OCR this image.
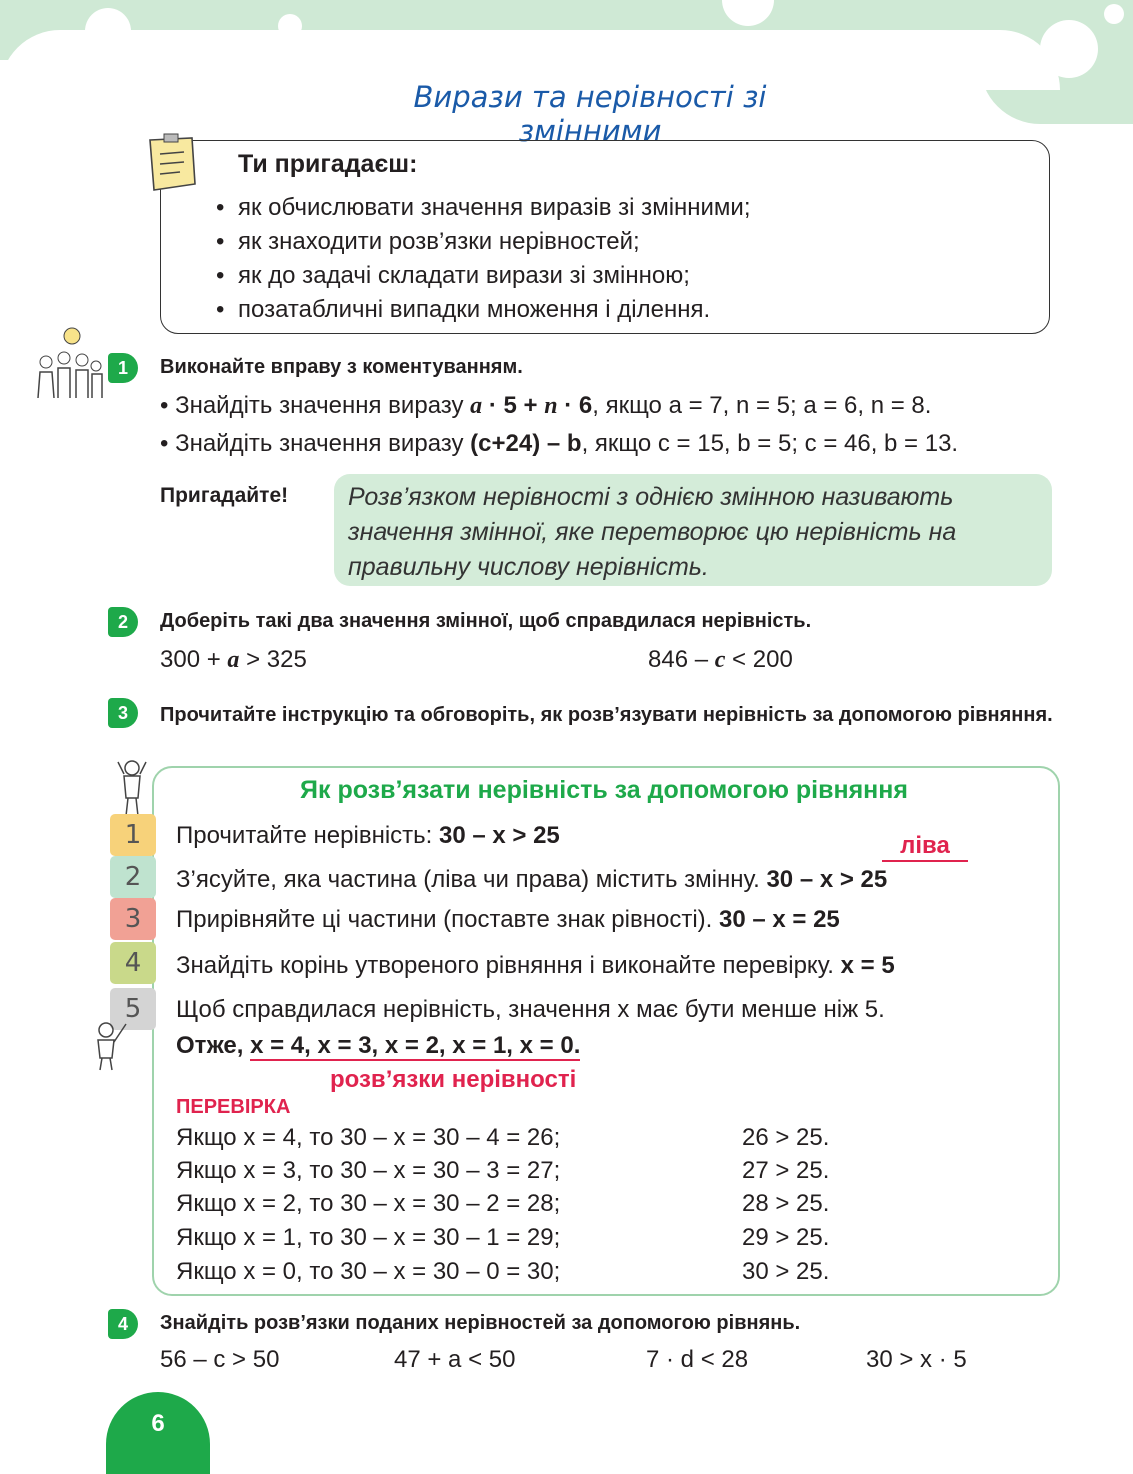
Вирази та нерівності зі змінними
Ти пригадаєш:
• як обчислювати значення виразів зі змінними;
• як знаходити розв’язки нерівностей;
• як до задачі складати вирази зі змінною;
• позатабличні випадки множення і ділення.
1	Виконайте вправу з коментуванням.
• Знайдіть значення виразу a · 5 + n · 6, якщо a = 7, n = 5; a = 6, n = 8.
• Знайдіть значення виразу (c+24) – b, якщо c = 15, b = 5; c = 46, b = 13.
Пригадайте!	Розв’язком нерівності з однією змінною називають значення змінної, яке перетворює цю нерівність на правильну числову нерівність.
2	Доберіть такі два значення змінної, щоб справдилася нерівність.
300 + a > 325	846 – c < 200
3	Прочитайте інструкцію та обговоріть, як розв’язувати нерівність за допомогою рівняння.
Як розв’язати нерівність за допомогою рівняння
1
2
3
4
5
Прочитайте нерівність: 30 – x > 25	ліва
З’ясуйте, яка частина (ліва чи права) містить змінну. 30 – x > 25
Прирівняйте ці частини (поставте знак рівності). 30 – x = 25
Знайдіть корінь утвореного рівняння і виконайте перевірку. x = 5
Щоб справдилася нерівність, значення x має бути менше ніж 5.
Отже, x = 4, x = 3, x = 2, x = 1, x = 0.
розв’язки нерівності
ПЕРЕВІРКА
Якщо x = 4, то 30 – x = 30 – 4 = 26;	26 > 25.
Якщо x = 3, то 30 – x = 30 – 3 = 27;	27 > 25.
Якщо x = 2, то 30 – x = 30 – 2 = 28;	28 > 25.
Якщо x = 1, то 30 – x = 30 – 1 = 29;	29 > 25.
Якщо x = 0, то 30 – x = 30 – 0 = 30;	30 > 25.
4	Знайдіть розв’язки поданих нерівностей за допомогою рівнянь.
56 – c > 50	47 + a < 50	7 · d < 28	30 > x · 5
6
